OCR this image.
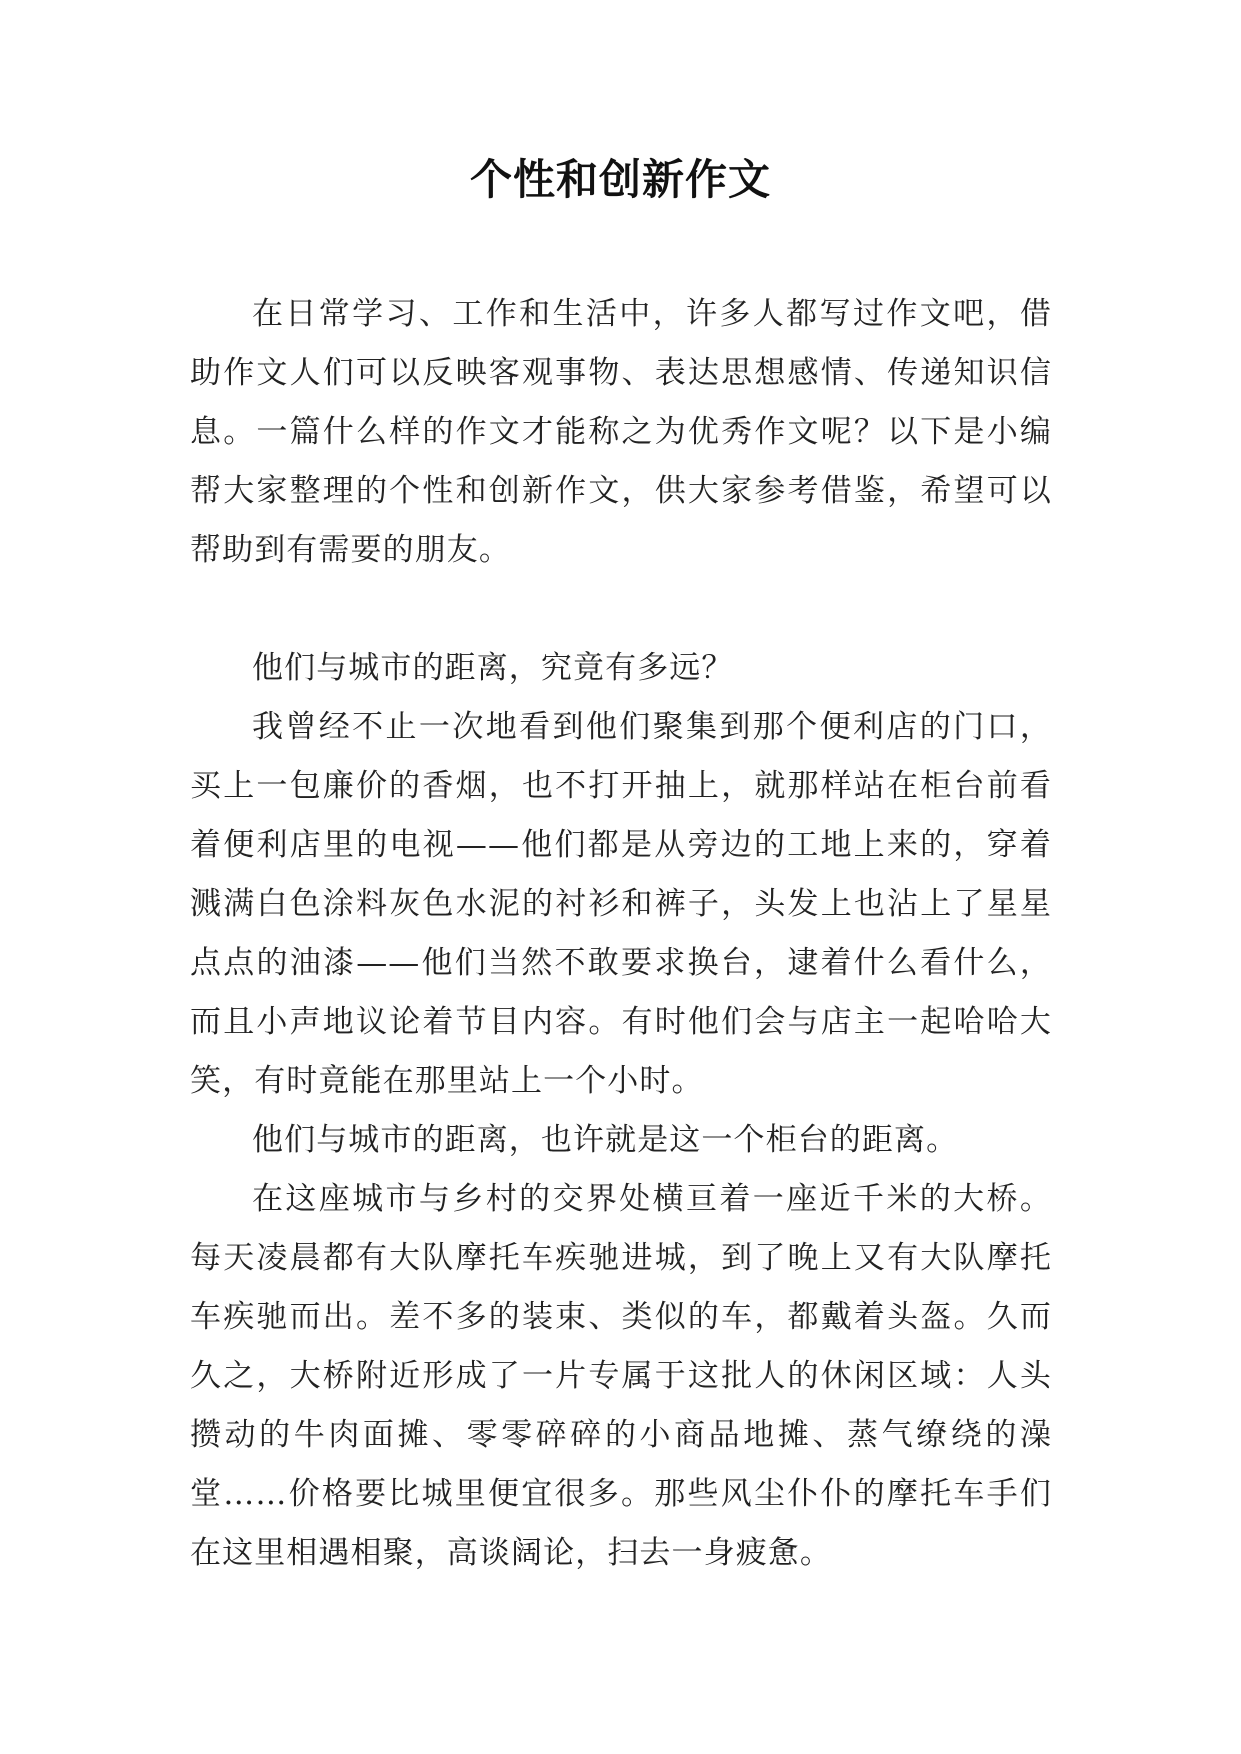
个性和创新作文

在日常学习、工作和生活中，许多人都写过作文吧，借助作文人们可以反映客观事物、表达思想感情、传递知识信息。一篇什么样的作文才能称之为优秀作文呢？以下是小编帮大家整理的个性和创新作文，供大家参考借鉴，希望可以帮助到有需要的朋友。

他们与城市的距离，究竟有多远？

我曾经不止一次地看到他们聚集到那个便利店的门口，买上一包廉价的香烟，也不打开抽上，就那样站在柜台前看着便利店里的电视——他们都是从旁边的工地上来的，穿着溅满白色涂料灰色水泥的衬衫和裤子，头发上也沾上了星星点点的油漆——他们当然不敢要求换台，逮着什么看什么，而且小声地议论着节目内容。有时他们会与店主一起哈哈大笑，有时竟能在那里站上一个小时。

他们与城市的距离，也许就是这一个柜台的距离。

在这座城市与乡村的交界处横亘着一座近千米的大桥。每天凌晨都有大队摩托车疾驰进城，到了晚上又有大队摩托车疾驰而出。差不多的装束、类似的车，都戴着头盔。久而久之，大桥附近形成了一片专属于这批人的休闲区域：人头攒动的牛肉面摊、零零碎碎的小商品地摊、蒸气缭绕的澡堂……价格要比城里便宜很多。那些风尘仆仆的摩托车手们在这里相遇相聚，高谈阔论，扫去一身疲惫。
